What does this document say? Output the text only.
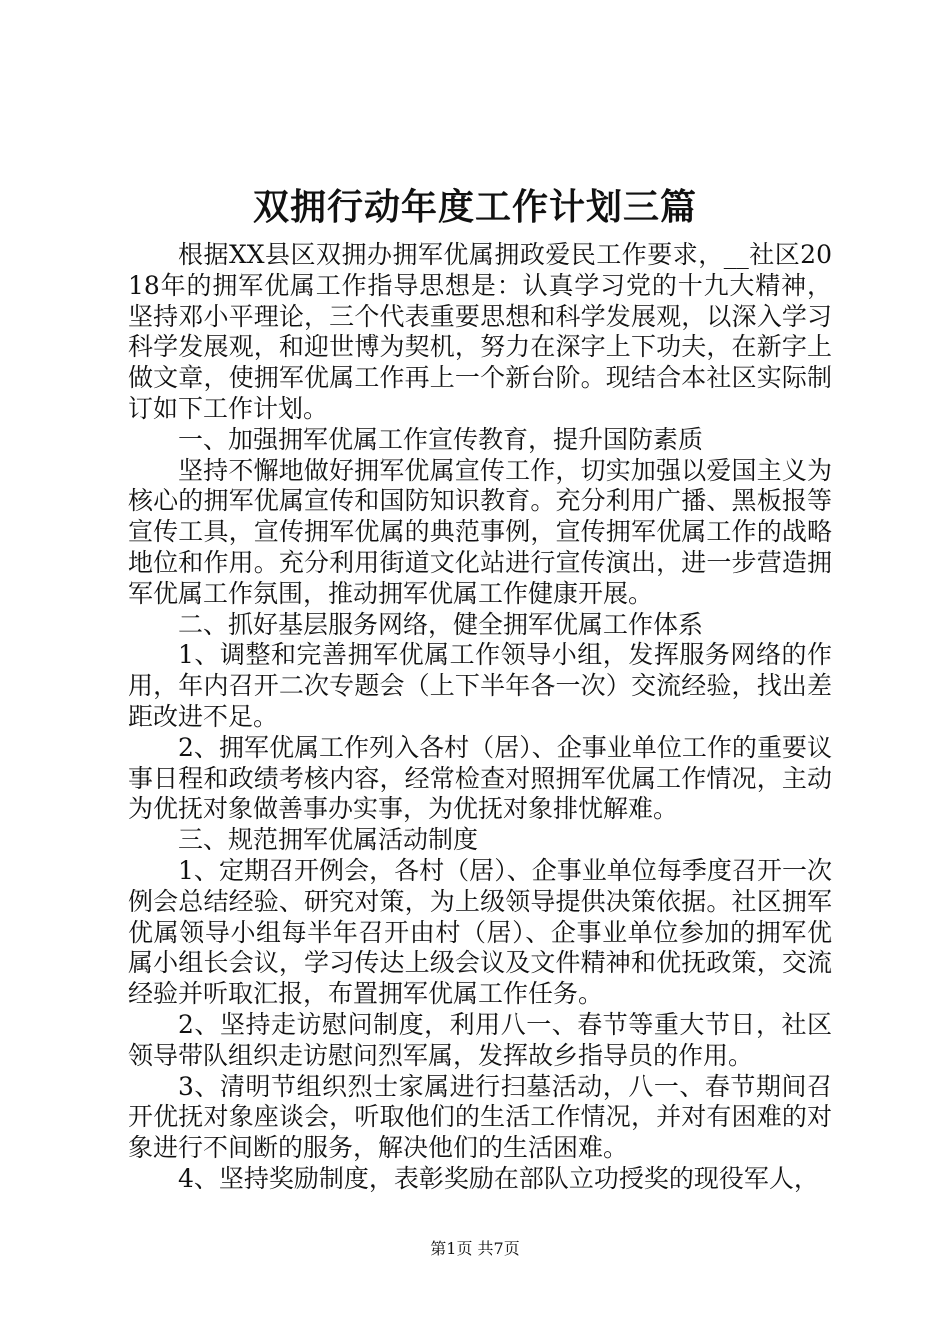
双拥行动年度工作计划三篇

根据XX县区双拥办拥军优属拥政爱民工作要求，__社区2018年的拥军优属工作指导思想是：认真学习党的十九大精神，坚持邓小平理论，三个代表重要思想和科学发展观，以深入学习科学发展观，和迎世博为契机，努力在深字上下功夫，在新字上做文章，使拥军优属工作再上一个新台阶。现结合本社区实际制订如下工作计划。

一、加强拥军优属工作宣传教育，提升国防素质

坚持不懈地做好拥军优属宣传工作，切实加强以爱国主义为核心的拥军优属宣传和国防知识教育。充分利用广播、黑板报等宣传工具，宣传拥军优属的典范事例，宣传拥军优属工作的战略地位和作用。充分利用街道文化站进行宣传演出，进一步营造拥军优属工作氛围，推动拥军优属工作健康开展。

二、抓好基层服务网络，健全拥军优属工作体系

1、调整和完善拥军优属工作领导小组，发挥服务网络的作用，年内召开二次专题会（上下半年各一次）交流经验，找出差距改进不足。

2、拥军优属工作列入各村（居）、企事业单位工作的重要议事日程和政绩考核内容，经常检查对照拥军优属工作情况，主动为优抚对象做善事办实事，为优抚对象排忧解难。

三、规范拥军优属活动制度

1、定期召开例会，各村（居）、企事业单位每季度召开一次例会总结经验、研究对策，为上级领导提供决策依据。社区拥军优属领导小组每半年召开由村（居）、企事业单位参加的拥军优属小组长会议，学习传达上级会议及文件精神和优抚政策，交流经验并听取汇报，布置拥军优属工作任务。

2、坚持走访慰问制度，利用八一、春节等重大节日，社区领导带队组织走访慰问烈军属，发挥故乡指导员的作用。

3、清明节组织烈士家属进行扫墓活动，八一、春节期间召开优抚对象座谈会，听取他们的生活工作情况，并对有困难的对象进行不间断的服务，解决他们的生活困难。

4、坚持奖励制度，表彰奖励在部队立功授奖的现役军人，

第1页 共7页
